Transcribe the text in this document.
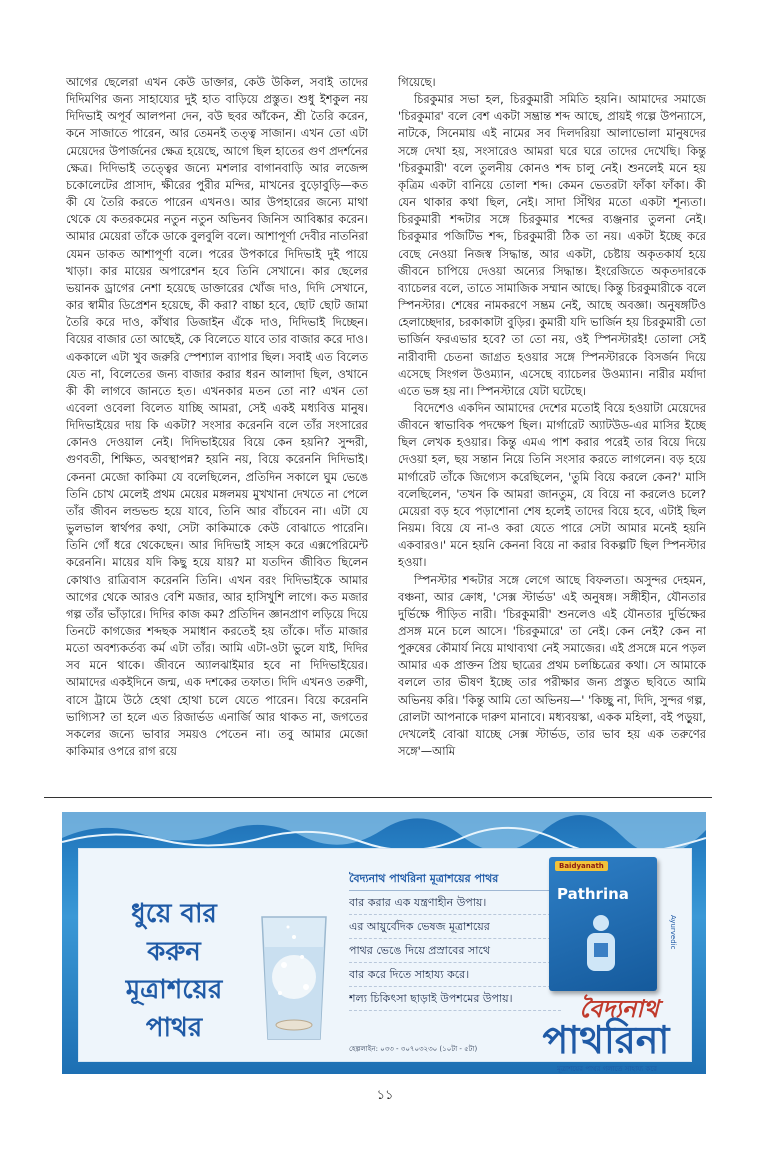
আগের ছেলেরা এখন কেউ ডাক্তার, কেউ উকিল, সবাই তাদের দিদিমণির জন্য সাহায্যের দুই হাত বাড়িয়ে প্রস্তুত। শুধু ইশকুল নয় দিদিভাই অপূর্ব আলপনা দেন, বউ ছবর আঁকেন, শ্রী তৈরি করেন, কনে সাজাতে পারেন, আর তেমনই তত্ত্ব সাজান। এখন তো এটা মেয়েদের উপার্জনের ক্ষেত্র হয়েছে, আগে ছিল হাতের গুণ প্রদর্শনের ক্ষেত্র। দিদিভাই তত্ত্বের জন্যে মশলার বাগানবাড়ি আর লজেন্স চকোলেটের প্রাসাদ, ক্ষীরের পুরীর মন্দির, মাখনের বুড়োবুড়ি—কত কী যে তৈরি করতে পারেন এখনও। আর উপহারের জন্যে মাথা থেকে যে কতরকমের নতুন নতুন অভিনব জিনিস আবিষ্কার করেন। আমার মেয়েরা তাঁকে ডাকে বুলবুলি বলে। আশাপূর্ণা দেবীর নাতনিরা যেমন ডাকত আশাপূর্ণা বলে। পরের উপকারে দিদিভাই দুই পায়ে খাড়া। কার মায়ের অপারেশন হবে তিনি সেখানে। কার ছেলের ভয়ানক ড্রাগের নেশা হয়েছে ডাক্তারের খোঁজ দাও, দিদি সেখানে, কার স্বামীর ডিপ্রেশন হয়েছে, কী করা? বাচ্চা হবে, ছোট ছোট জামা তৈরি করে দাও, কাঁথার ডিজাইন এঁকে দাও, দিদিভাই দিচ্ছেন। বিয়ের বাজার তো আছেই, কে বিলেতে যাবে তার বাজার করে দাও। এককালে এটা খুব জরুরি স্পেশ্যাল ব্যাপার ছিল। সবাই এত বিলেত যেত না, বিলেতের জন্য বাজার করার ধরন আলাদা ছিল, ওখানে কী কী লাগবে জানতে হত। এখনকার মতন তো না? এখন তো এবেলা ওবেলা বিলেত যাচ্ছি আমরা, সেই একই মধ্যবিত্ত মানুষ। দিদিভাইয়ের দায় কি একটা? সংসার করেননি বলে তাঁর সংসারের কোনও দেওয়াল নেই। দিদিভাইয়ের বিয়ে কেন হয়নি? সুন্দরী, গুণবতী, শিক্ষিত, অবস্থাপন্ন? হয়নি নয়, বিয়ে করেননি দিদিভাই। কেননা মেজো কাকিমা যে বলেছিলেন, প্রতিদিন সকালে ঘুম ভেঙে তিনি চোখ মেলেই প্রথম মেয়ের মঙ্গলময় মুখখানা দেখতে না পেলে তাঁর জীবন লন্ডভন্ড হয়ে যাবে, তিনি আর বাঁচবেন না। এটা যে ভুলভাল স্বার্থপর কথা, সেটা কাকিমাকে কেউ বোঝাতে পারেনি। তিনি গোঁ ধরে থেকেছেন। আর দিদিভাই সাহস করে এক্সপেরিমেন্ট করেননি। মায়ের যদি কিছু হয়ে যায়? মা যতদিন জীবিত ছিলেন কোথাও রাত্রিবাস করেননি তিনি। এখন বরং দিদিভাইকে আমার আগের থেকে আরও বেশি মজার, আর হাসিখুশি লাগে। কত মজার গল্প তাঁর ভাঁড়ারে। দিদির কাজ কম? প্রতিদিন জ্ঞানপ্রাণ লড়িয়ে দিয়ে তিনটে কাগজের শব্দছক সমাধান করতেই হয় তাঁকে। দাঁত মাজার মতো অবশ্যকর্তব্য কর্ম এটা তাঁর। আমি এটা-ওটা ভুলে যাই, দিদির সব মনে থাকে। জীবনে অ্যালঝাইমার হবে না দিদিভাইয়ের। আমাদের একইদিনে জন্ম, এক দশকের তফাত। দিদি এখনও তরুণী, বাসে ট্রামে উঠে হেথা হোথা চলে যেতে পারেন। বিয়ে করেননি ভাগ্যিস? তা হলে এত রিজার্ভড এনার্জি আর থাকত না, জগতের সকলের জন্যে ভাবার সময়ও পেতেন না। তবু আমার মেজো কাকিমার ওপরে রাগ রয়ে

গিয়েছে।

চিরকুমার সভা হল, চিরকুমারী সমিতি হয়নি। আমাদের সমাজে 'চিরকুমার' বলে বেশ একটা সম্ভ্রান্ত শব্দ আছে, প্রায়ই গল্পে উপন্যাসে, নাটকে, সিনেমায় এই নামের সব দিলদরিয়া আলাভোলা মানুষদের সঙ্গে দেখা হয়, সংসারেও আমরা ঘরে ঘরে তাদের দেখেছি। কিন্তু 'চিরকুমারী' বলে তুলনীয় কোনও শব্দ চালু নেই। শুনলেই মনে হয় কৃত্রিম একটা বানিয়ে তোলা শব্দ। কেমন ভেতরটা ফাঁকা ফাঁকা। কী যেন থাকার কথা ছিল, নেই। সাদা সিঁথির মতো একটা শূন্যতা। চিরকুমারী শব্দটার সঙ্গে চিরকুমার শব্দের ব্যঞ্জনার তুলনা নেই। চিরকুমার পজিটিভ শব্দ, চিরকুমারী ঠিক তা নয়। একটা ইচ্ছে করে বেছে নেওয়া নিজস্ব সিদ্ধান্ত, আর একটা, চেষ্টায় অকৃতকার্য হয়ে জীবনে চাপিয়ে দেওয়া অন্যের সিদ্ধান্ত। ইংরেজিতে অকৃতদারকে ব্যাচেলর বলে, তাতে সামাজিক সম্মান আছে। কিন্তু চিরকুমারীকে বলে স্পিনস্টার। শেষের নামকরণে সম্ভ্রম নেই, আছে অবজ্ঞা। অনুষঙ্গটিও হেলাচ্ছেদার, চরকাকাটা বুড়ির। কুমারী যদি ভার্জিন হয় চিরকুমারী তো ভার্জিন ফরএভার হবে? তা তো নয়, ওই স্পিনস্টারই! তোলা সেই নারীবাদী চেতনা জাগ্রত হওয়ার সঙ্গে স্পিনস্টারকে বিসর্জন দিয়ে এসেছে সিংগল উওম্যান, এসেছে ব্যাচেলর উওম্যান। নারীর মর্যাদা এতে ভঙ্গ হয় না। স্পিনস্টারে যেটা ঘটেছে।

বিদেশেও একদিন আমাদের দেশের মতোই বিয়ে হওয়াটা মেয়েদের জীবনে স্বাভাবিক পদক্ষেপ ছিল। মার্গারেট অ্যাটউড-এর মাসির ইচ্ছে ছিল লেখক হওয়ার। কিন্তু এমএ পাশ করার পরেই তার বিয়ে দিয়ে দেওয়া হল, ছয় সন্তান নিয়ে তিনি সংসার করতে লাগলেন। বড় হয়ে মার্গারেট তাঁকে জিগ্যেস করেছিলেন, 'তুমি বিয়ে করলে কেন?' মাসি বলেছিলেন, 'তখন কি আমরা জানতুম, যে বিয়ে না করলেও চলে? মেয়েরা বড় হবে পড়াশোনা শেষ হলেই তাদের বিয়ে হবে, এটাই ছিল নিয়ম। বিয়ে যে না-ও করা যেতে পারে সেটা আমার মনেই হয়নি একবারও।' মনে হয়নি কেননা বিয়ে না করার বিকল্পটি ছিল স্পিনস্টার হওয়া।

স্পিনস্টার শব্দটার সঙ্গে লেগে আছে বিফলতা। অসুন্দর দেহমন, বঞ্চনা, আর ক্রোধ, 'সেক্স স্টার্ভড' এই অনুষঙ্গ। সঙ্গীহীন, যৌনতার দুর্ভিক্ষে পীড়িত নারী। 'চিরকুমারী' শুনলেও এই যৌনতার দুর্ভিক্ষের প্রসঙ্গ মনে চলে আসে। 'চিরকুমারে' তা নেই। কেন নেই? কেন না পুরুষের কৌমার্য নিয়ে মাথাব্যথা নেই সমাজের। এই প্রসঙ্গে মনে পড়ল আমার এক প্রাক্তন প্রিয় ছাত্রের প্রথম চলচ্চিত্রের কথা। সে আমাকে বললে তার ভীষণ ইচ্ছে তার পরীক্ষার জন্য প্রস্তুত ছবিতে আমি অভিনয় করি। 'কিন্তু আমি তো অভিনয়—' 'কিচ্ছু না, দিদি, সুন্দর গল্প, রোলটা আপনাকে দারুণ মানাবে। মধ্যবয়স্কা, একক মহিলা, বই পড়ুয়া, দেখলেই বোঝা যাচ্ছে সেক্স স্টার্ভড, তার ভাব হয় এক তরুণের সঙ্গে'—আমি

ধুয়ে বার
করুন
মূত্রাশয়ের
পাথর
বৈদ্যনাথ পাথরিনা মূত্রাশয়ের পাথর
বার করার এক যন্ত্রণাহীন উপায়।
এর আয়ুর্বেদিক ভেষজ মূত্রাশয়ের
পাথর ভেঙে দিয়ে প্রস্রাবের সাথে
বার করে দিতে সাহায্য করে।
শল্য চিকিৎসা ছাড়াই উপশমের উপায়।
হেল্পলাইন: ০৩৩ - ৩০৭০৩২৩০ (১০টা - ৫টা)
Baidyanath
Pathrina
Ayurvedic
বৈদ্যনাথ
পাথরিনা
মূত্রাশয়ের পাথর গলাতে সাহায্য করে
১১
